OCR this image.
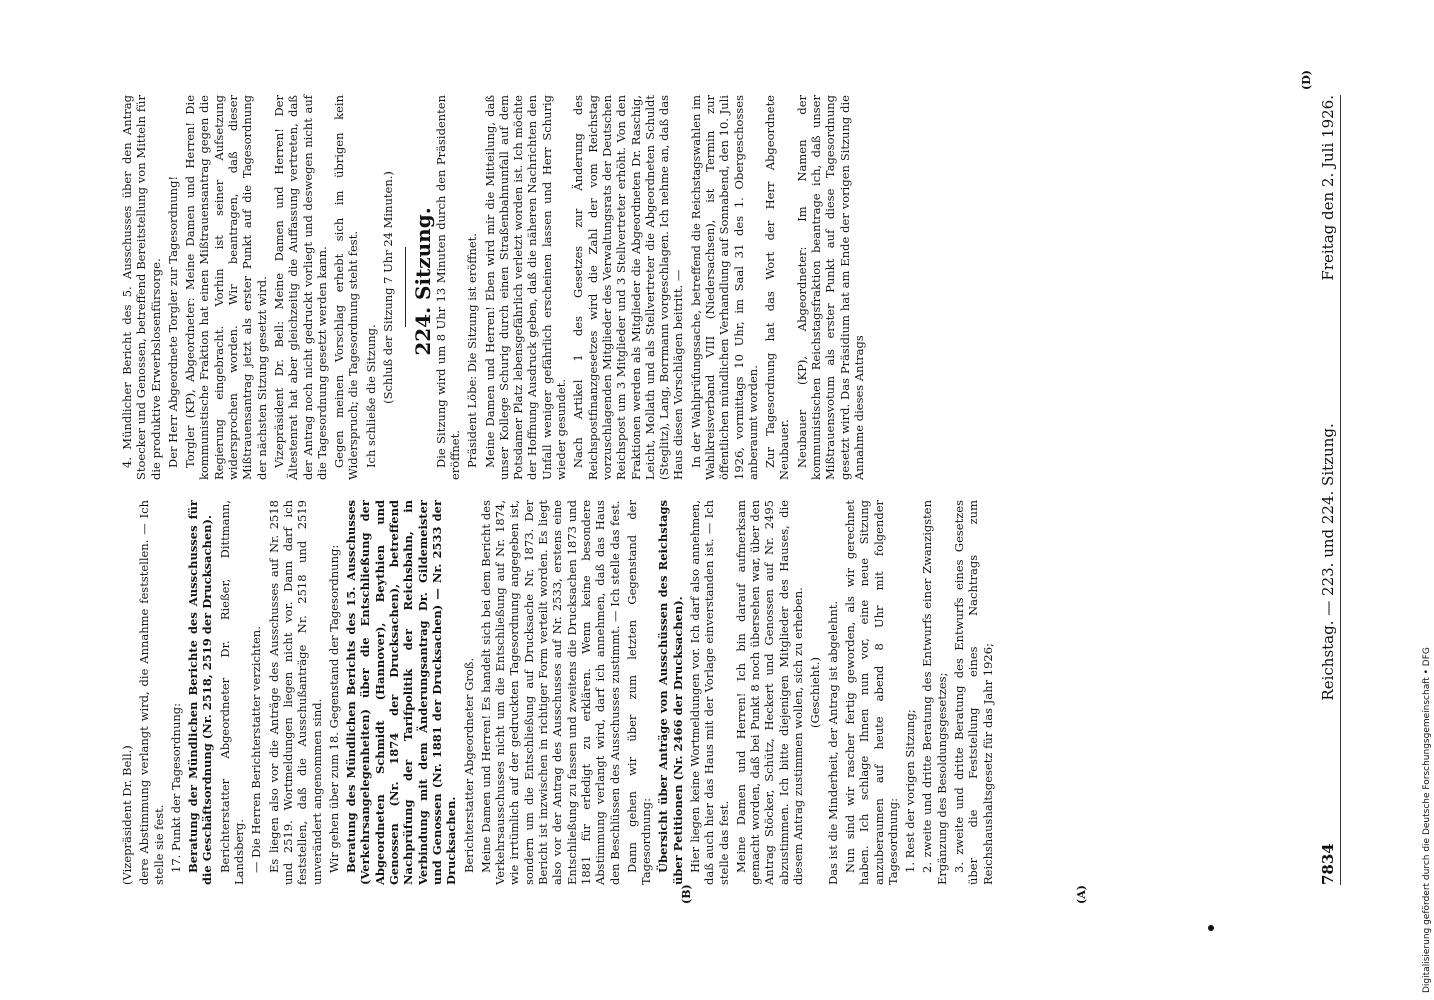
7834
Reichstag. — 223. und 224. Sitzung.
Freitag den 2. Juli 1926.
(A)
(B)
(D)

(Vizepräsident Dr. Bell.) dere Abstimmung verlangt wird, die Annahme feststellen. — Ich stelle sie fest. 17. Punkt der Tagesordnung: Beratung der Mündlichen Berichte des Ausschusses für die Geschäftsordnung (Nr. 2518, 2519 der Drucksachen). Berichterstatter Abgeordneter Dr. Rießer, Dittmann, Landsberg. — Die Herren Berichterstatter verzichten. Es liegen also vor die Anträge des Ausschusses auf Nr. 2518 und 2519. Wortmeldungen liegen nicht vor. Dann darf ich feststellen, daß die Ausschußanträge Nr. 2518 und 2519 unverändert angenommen sind. Wir gehen über zum 18. Gegenstand der Tagesordnung: Beratung des Mündlichen Berichts des 15. Ausschusses (Verkehrsangelegenheiten) über die Entschließung der Abgeordneten Schmidt (Hannover), Beythien und Genossen (Nr. 1874 der Drucksachen), betreffend Nachprüfung der Tarifpolitik der Reichsbahn, in Verbindung mit dem Änderungsantrag Dr. Gildemeister und Genossen (Nr. 1881 der Drucksachen) — Nr. 2533 der Drucksachen. Berichterstatter Abgeordneter Groß. Meine Damen und Herren! Es handelt sich bei dem Bericht des Verkehrsausschusses nicht um die Entschließung auf Nr. 1874, wie irrtümlich auf der gedruckten Tagesordnung angegeben ist, sondern um die Entschließung auf Drucksache Nr. 1873. Der Bericht ist inzwischen in richtiger Form verteilt worden. Es liegt also vor der Antrag des Ausschusses auf Nr. 2533, erstens eine Entschließung zu fassen und zweitens die Drucksachen 1873 und 1881 für erledigt zu erklären. Wenn keine besondere Abstimmung verlangt wird, darf ich annehmen, daß das Haus den Beschlüssen des Ausschusses zustimmt. — Ich stelle das fest. Dann gehen wir über zum letzten Gegenstand der Tagesordnung: Übersicht über Anträge von Ausschüssen des Reichstags über Petitionen (Nr. 2466 der Drucksachen). Hier liegen keine Wortmeldungen vor. Ich darf also annehmen, daß auch hier das Haus mit der Vorlage einverstanden ist. — Ich stelle das fest. Meine Damen und Herren! Ich bin darauf aufmerksam gemacht worden, daß bei Punkt 8 noch übersehen war, über den Antrag Stöcker, Schütz, Heckert und Genossen auf Nr. 2495 abzustimmen. Ich bitte diejenigen Mitglieder des Hauses, die diesem Antrag zustimmen wollen, sich zu erheben. (Geschieht.) Das ist die Minderheit, der Antrag ist abgelehnt. Nun sind wir rascher fertig geworden, als wir gerechnet haben. Ich schlage Ihnen nun vor, eine neue Sitzung anzuberaumen auf heute abend 8 Uhr mit folgender Tagesordnung: 1. Rest der vorigen Sitzung; 2. zweite und dritte Beratung des Entwurfs einer Zwanzigsten Ergänzung des Besoldungsgesetzes; 3. zweite und dritte Beratung des Entwurfs eines Gesetzes über die Feststellung eines Nachtrags zum Reichshaushaltsgesetz für das Jahr 1926;

4. Mündlicher Bericht des 5. Ausschusses über den Antrag Stoecker und Genossen, betreffend Bereitstellung von Mitteln für die produktive Erwerbslosenfürsorge. Der Herr Abgeordnete Torgler zur Tagesordnung! Torgler (KP), Abgeordneter: Meine Damen und Herren! Die kommunistische Fraktion hat einen Mißtrauensantrag gegen die Regierung eingebracht. Vorhin ist seiner Aufsetzung widersprochen worden. Wir beantragen, daß dieser Mißtrauensantrag jetzt als erster Punkt auf die Tagesordnung der nächsten Sitzung gesetzt wird. Vizepräsident Dr. Bell: Meine Damen und Herren! Der Ältestenrat hat aber gleichzeitig die Auffassung vertreten, daß der Antrag noch nicht gedruckt vorliegt und deswegen nicht auf die Tagesordnung gesetzt werden kann. Gegen meinen Vorschlag erhebt sich im übrigen kein Widerspruch; die Tagesordnung steht fest. Ich schließe die Sitzung. (Schluß der Sitzung 7 Uhr 24 Minuten.) 224. Sitzung.

Die Sitzung wird um 8 Uhr 13 Minuten durch den Präsidenten eröffnet. Präsident Löbe: Die Sitzung ist eröffnet. Meine Damen und Herren! Eben wird mir die Mitteilung, daß unser Kollege Schurig durch einen Straßenbahnunfall auf dem Potsdamer Platz lebensgefährlich verletzt worden ist. Ich möchte der Hoffnung Ausdruck geben, daß die näheren Nachrichten den Unfall weniger gefährlich erscheinen lassen und Herr Schurig wieder gesundet. Nach Artikel 1 des Gesetzes zur Änderung des Reichspostfinanzgesetzes wird die Zahl der vom Reichstag vorzuschlagenden Mitglieder des Verwaltungsrats der Deutschen Reichspost um 3 Mitglieder und 3 Stellvertreter erhöht. Von den Fraktionen werden als Mitglieder die Abgeordneten Dr. Raschig, Leicht, Mollath und als Stellvertreter die Abgeordneten Schuldt (Steglitz), Lang, Borrmann vorgeschlagen. Ich nehme an, daß das Haus diesen Vorschlägen beitritt. — In der Wahlprüfungssache, betreffend die Reichstagswahlen im Wahlkreisverband VIII (Niedersachsen), ist Termin zur öffentlichen mündlichen Verhandlung auf Sonnabend, den 10. Juli 1926, vormittags 10 Uhr, im Saal 31 des 1. Obergeschosses anberaumt worden. Zur Tagesordnung hat das Wort der Herr Abgeordnete Neubauer. Neubauer (KP), Abgeordneter: Im Namen der kommunistischen Reichstagsfraktion beantrage ich, daß unser Mißtrauensvotum als erster Punkt auf diese Tagesordnung gesetzt wird. Das Präsidium hat am Ende der vorigen Sitzung die Annahme dieses Antrags

Digitalisierung gefördert durch die Deutsche Forschungsgemeinschaft • DFG
